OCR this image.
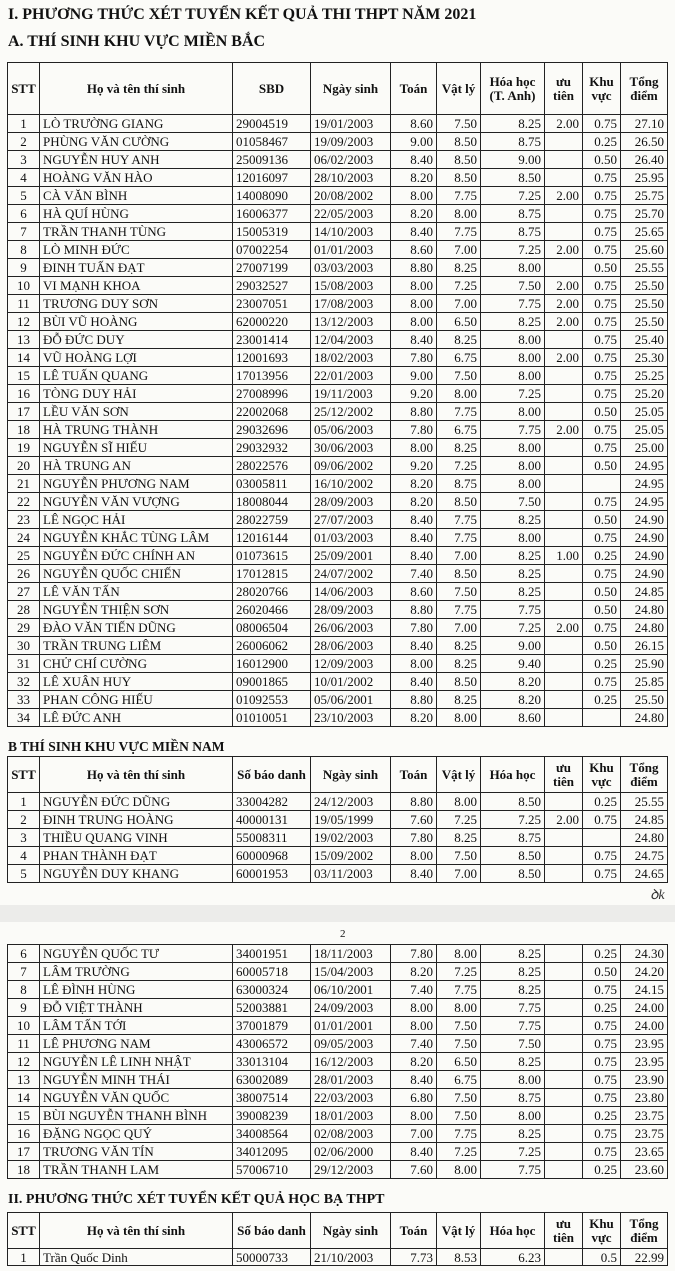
I. PHƯƠNG THỨC XÉT TUYỂN KẾT QUẢ THI THPT NĂM 2021
A. THÍ SINH KHU VỰC MIỀN BẮC
STT	Họ và tên thí sinh	SBD	Ngày sinh	Toán	Vật lý	Hóa học (T. Anh)	ưu tiên	Khu vực	Tổng điểm
1	LÒ TRƯỜNG GIANG	29004519	19/01/2003	8.60	7.50	8.25	2.00	0.75	27.10
2	PHÙNG VĂN CƯỜNG	01058467	19/09/2003	9.00	8.50	8.75		0.25	26.50
3	NGUYỄN HUY ANH	25009136	06/02/2003	8.40	8.50	9.00		0.50	26.40
4	HOÀNG VĂN HÀO	12016097	28/10/2003	8.20	8.50	8.50		0.75	25.95
5	CÀ VĂN BÌNH	14008090	20/08/2002	8.00	7.75	7.25	2.00	0.75	25.75
6	HÀ QUÍ HÙNG	16006377	22/05/2003	8.20	8.00	8.75		0.75	25.70
7	TRẦN THANH TÙNG	15005319	14/10/2003	8.40	7.75	8.75		0.75	25.65
8	LÒ MINH ĐỨC	07002254	01/01/2003	8.60	7.00	7.25	2.00	0.75	25.60
9	ĐINH TUẤN ĐẠT	27007199	03/03/2003	8.80	8.25	8.00		0.50	25.55
10	VI MẠNH KHOA	29032527	15/08/2003	8.00	7.25	7.50	2.00	0.75	25.50
11	TRƯƠNG DUY SƠN	23007051	17/08/2003	8.00	7.00	7.75	2.00	0.75	25.50
12	BÙI VŨ HOÀNG	62000220	13/12/2003	8.00	6.50	8.25	2.00	0.75	25.50
13	ĐỖ ĐỨC DUY	23001414	12/04/2003	8.40	8.25	8.00		0.75	25.40
14	VŨ HOÀNG LỢI	12001693	18/02/2003	7.80	6.75	8.00	2.00	0.75	25.30
15	LÊ TUẤN QUANG	17013956	22/01/2003	9.00	7.50	8.00		0.75	25.25
16	TÒNG DUY HẢI	27008996	19/11/2003	9.20	8.00	7.25		0.75	25.20
17	LỀU VĂN SƠN	22002068	25/12/2002	8.80	7.75	8.00		0.50	25.05
18	HÀ TRUNG THÀNH	29032696	05/06/2003	7.80	6.75	7.75	2.00	0.75	25.05
19	NGUYỄN SĨ HIẾU	29032932	30/06/2003	8.00	8.25	8.00		0.75	25.00
20	HÀ TRUNG AN	28022576	09/06/2002	9.20	7.25	8.00		0.50	24.95
21	NGUYỄN PHƯƠNG NAM	03005811	16/10/2002	8.20	8.75	8.00			24.95
22	NGUYỄN VĂN VƯỢNG	18008044	28/09/2003	8.20	8.50	7.50		0.75	24.95
23	LÊ NGỌC HẢI	28022759	27/07/2003	8.40	7.75	8.25		0.50	24.90
24	NGUYỄN KHẮC TÙNG LÂM	12016144	01/03/2003	8.40	7.75	8.00		0.75	24.90
25	NGUYỄN ĐỨC CHÍNH AN	01073615	25/09/2001	8.40	7.00	8.25	1.00	0.25	24.90
26	NGUYỄN QUỐC CHIẾN	17012815	24/07/2002	7.40	8.50	8.25		0.75	24.90
27	LÊ VĂN TẤN	28020766	14/06/2003	8.60	7.50	8.25		0.50	24.85
28	NGUYỄN THIỆN SƠN	26020466	28/09/2003	8.80	7.75	7.75		0.50	24.80
29	ĐÀO VĂN TIẾN DŨNG	08006504	26/06/2003	7.80	7.00	7.25	2.00	0.75	24.80
30	TRẦN TRUNG LIÊM	26006062	28/06/2003	8.40	8.25	9.00		0.50	26.15
31	CHỬ CHÍ CƯỜNG	16012900	12/09/2003	8.00	8.25	9.40		0.25	25.90
32	LÊ XUÂN HUY	09001865	10/01/2002	8.40	8.50	8.20		0.75	25.85
33	PHAN CÔNG HIẾU	01092553	05/06/2001	8.80	8.25	8.20		0.25	25.50
34	LÊ ĐỨC ANH	01010051	23/10/2003	8.20	8.00	8.60			24.80
B THÍ SINH KHU VỰC MIỀN NAM
STT	Họ và tên thí sinh	Số báo danh	Ngày sinh	Toán	Vật lý	Hóa học	ưu tiên	Khu vực	Tổng điểm
1	NGUYỄN ĐỨC DŨNG	33004282	24/12/2003	8.80	8.00	8.50		0.25	25.55
2	ĐINH TRUNG HOÀNG	40000131	19/05/1999	7.60	7.25	7.25	2.00	0.75	24.85
3	THIỀU QUANG VINH	55008311	19/02/2003	7.80	8.25	8.75			24.80
4	PHAN THÀNH ĐẠT	60000968	15/09/2002	8.00	7.50	8.50		0.75	24.75
5	NGUYỄN DUY KHANG	60001953	03/11/2003	8.40	7.00	8.50		0.75	24.65
ꝺk
2
6	NGUYỄN QUỐC TƯ	34001951	18/11/2003	7.80	8.00	8.25		0.25	24.30
7	LÂM TRƯỜNG	60005718	15/04/2003	8.20	7.25	8.25		0.50	24.20
8	LÊ ĐÌNH HÙNG	63000324	06/10/2001	7.40	7.75	8.25		0.75	24.15
9	ĐỖ VIỆT THÀNH	52003881	24/09/2003	8.00	8.00	7.75		0.25	24.00
10	LÂM TẤN TỚI	37001879	01/01/2001	8.00	7.50	7.75		0.75	24.00
11	LÊ PHƯƠNG NAM	43006572	09/05/2003	7.40	7.50	7.50		0.75	23.95
12	NGUYỄN LÊ LINH NHẬT	33013104	16/12/2003	8.20	6.50	8.25		0.75	23.95
13	NGUYỄN MINH THÁI	63002089	28/01/2003	8.40	6.75	8.00		0.75	23.90
14	NGUYỄN VĂN QUỐC	38007514	22/03/2003	6.80	7.50	8.75		0.75	23.80
15	BÙI NGUYỄN THANH BÌNH	39008239	18/01/2003	8.00	7.50	8.00		0.25	23.75
16	ĐẶNG NGỌC QUÝ	34008564	02/08/2003	7.00	7.75	8.25		0.75	23.75
17	TRƯƠNG VĂN TÍN	34012095	02/06/2000	8.40	7.25	7.25		0.75	23.65
18	TRẦN THANH LAM	57006710	29/12/2003	7.60	8.00	7.75		0.25	23.60
II. PHƯƠNG THỨC XÉT TUYỂN KẾT QUẢ HỌC BẠ THPT
STT	Họ và tên thí sinh	Số báo danh	Ngày sinh	Toán	Vật lý	Hóa học	ưu tiên	Khu vực	Tổng điểm
1	Trần Quốc Dinh	50000733	21/10/2003	7.73	8.53	6.23		0.5	22.99
